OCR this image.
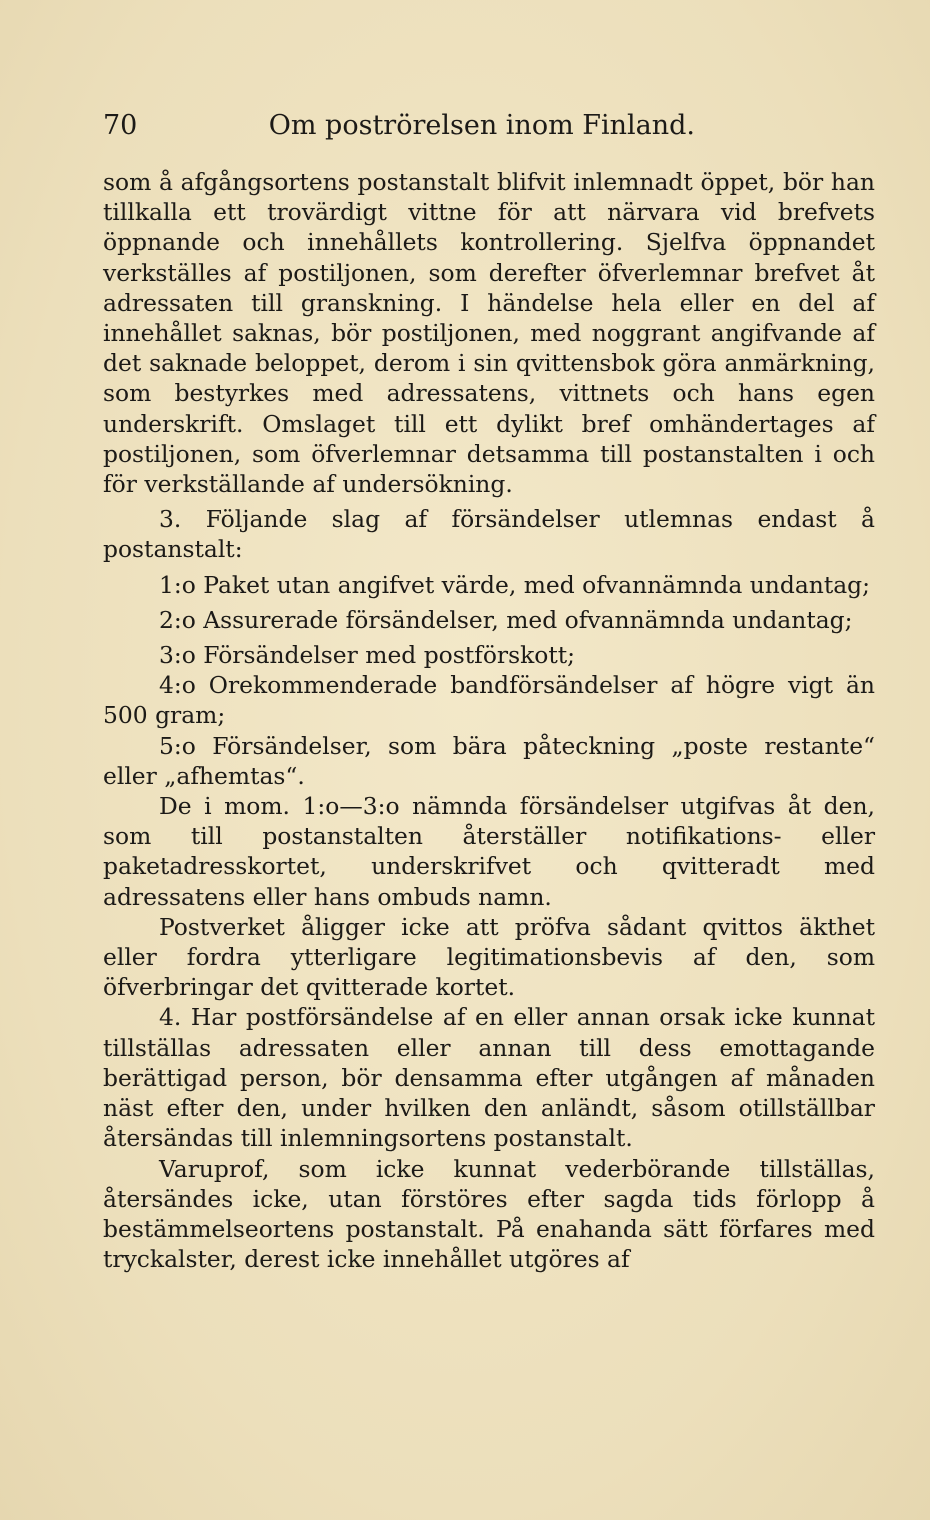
70	Om poströrelsen inom Finland.

som å afgångsortens postanstalt blifvit inlemnadt öppet, bör han tillkalla ett trovärdigt vittne för att närvara vid brefvets öppnande och innehållets kontrollering. Sjelfva öppnandet verkställes af postiljonen, som derefter öfverlemnar brefvet åt adressaten till granskning. I händelse hela eller en del af innehållet saknas, bör postiljonen, med noggrant angifvande af det saknade beloppet, derom i sin qvittensbok göra anmärkning, som bestyrkes med adressatens, vittnets och hans egen underskrift. Omslaget till ett dylikt bref omhändertages af postiljonen, som öfverlemnar detsamma till postanstalten i och för verkställande af undersökning.

3. Följande slag af försändelser utlemnas endast å postanstalt:

1:o Paket utan angifvet värde, med ofvannämnda undantag;

2:o Assurerade försändelser, med ofvannämnda undantag;

3:o Försändelser med postförskott;

4:o Orekommenderade bandförsändelser af högre vigt än 500 gram;

5:o Försändelser, som bära påteckning „poste restante“ eller „afhemtas“.

De i mom. 1:o—3:o nämnda försändelser utgifvas åt den, som till postanstalten återställer notifikations- eller paketadresskortet, underskrifvet och qvitteradt med adressatens eller hans ombuds namn.

Postverket åligger icke att pröfva sådant qvittos äkthet eller fordra ytterligare legitimationsbevis af den, som öfverbringar det qvitterade kortet.

4. Har postförsändelse af en eller annan orsak icke kunnat tillställas adressaten eller annan till dess emottagande berättigad person, bör densamma efter utgången af månaden näst efter den, under hvilken den anländt, såsom otillställbar återsändas till inlemningsortens postanstalt.

Varuprof, som icke kunnat vederbörande tillställas, återsändes icke, utan förstöres efter sagda tids förlopp å bestämmelseortens postanstalt. På enahanda sätt förfares med tryckalster, derest icke innehållet utgöres af
